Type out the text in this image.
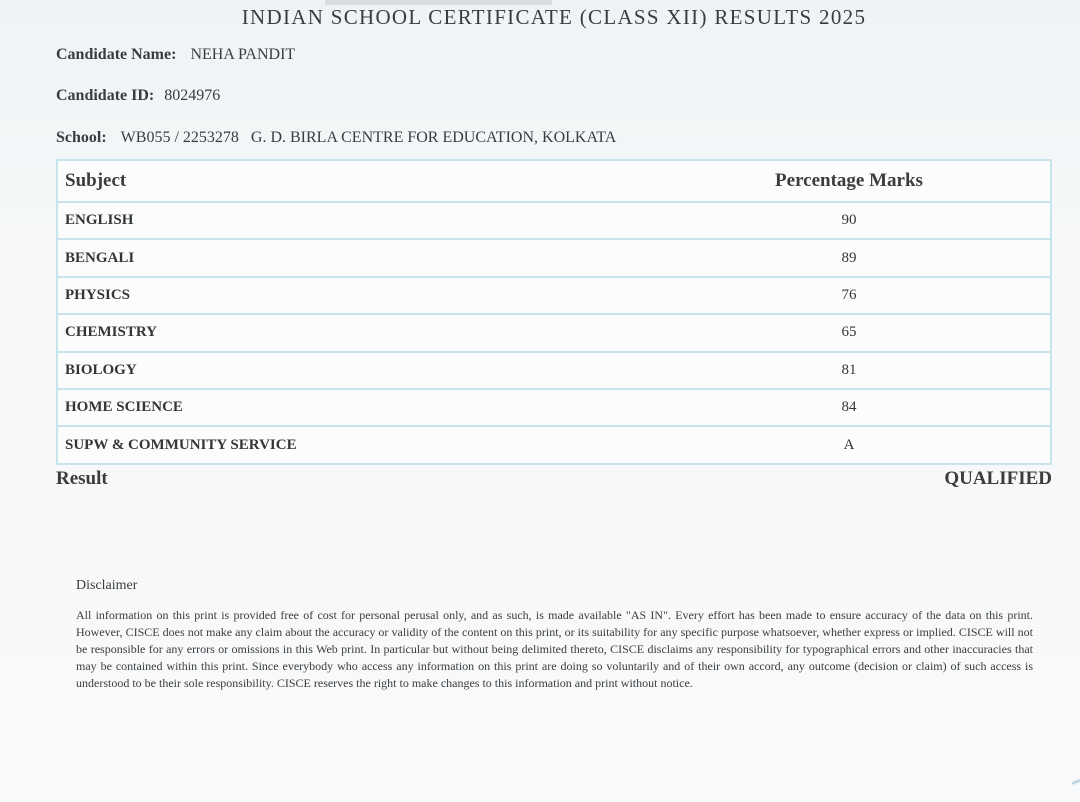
INDIAN SCHOOL CERTIFICATE (CLASS XII) RESULTS 2025
Candidate Name: NEHA PANDIT
Candidate ID: 8024976
School: WB055 / 2253278 G. D. BIRLA CENTRE FOR EDUCATION, KOLKATA
Subject	Percentage Marks
ENGLISH	90
BENGALI	89
PHYSICS	76
CHEMISTRY	65
BIOLOGY	81
HOME SCIENCE	84
SUPW & COMMUNITY SERVICE	A
Result	QUALIFIED
Disclaimer
All information on this print is provided free of cost for personal perusal only, and as such, is made available "AS IN". Every effort has been made to ensure accuracy of the data on this print. However, CISCE does not make any claim about the accuracy or validity of the content on this print, or its suitability for any specific purpose whatsoever, whether express or implied. CISCE will not be responsible for any errors or omissions in this Web print. In particular but without being delimited thereto, CISCE disclaims any responsibility for typographical errors and other inaccuracies that may be contained within this print. Since everybody who access any information on this print are doing so voluntarily and of their own accord, any outcome (decision or claim) of such access is understood to be their sole responsibility. CISCE reserves the right to make changes to this information and print without notice.
